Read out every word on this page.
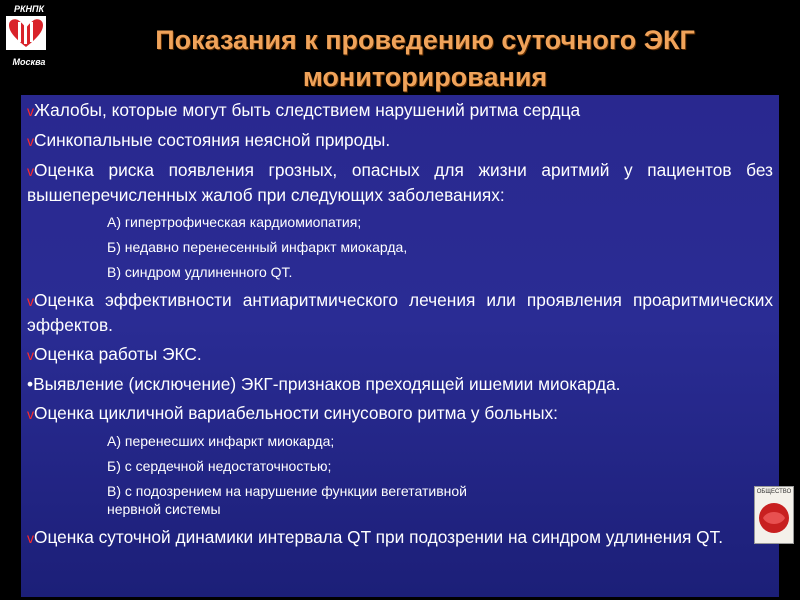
РКНПК
Москва
Показания к проведению суточного ЭКГ
мониторирования
vЖалобы, которые могут быть следствием нарушений ритма сердца
vСинкопальные состояния неясной природы.
vОценка риска появления грозных, опасных для жизни аритмий у пациентов без вышеперечисленных жалоб при следующих заболеваниях:
А) гипертрофическая кардиомиопатия;
Б) недавно перенесенный инфаркт миокарда,
В) синдром удлиненного QT.
vОценка эффективности антиаритмического лечения или проявления проаритмических эффектов.
vОценка работы ЭКС.
•Выявление (исключение) ЭКГ-признаков преходящей ишемии миокарда.
vОценка цикличной вариабельности синусового ритма у больных:
А) перенесших инфаркт миокарда;
Б) с сердечной недостаточностью;
В) с подозрением на нарушение функции вегетативной нервной системы
vОценка суточной динамики интервала QT при подозрении на синдром удлинения QT.
ОБЩЕСТВО
